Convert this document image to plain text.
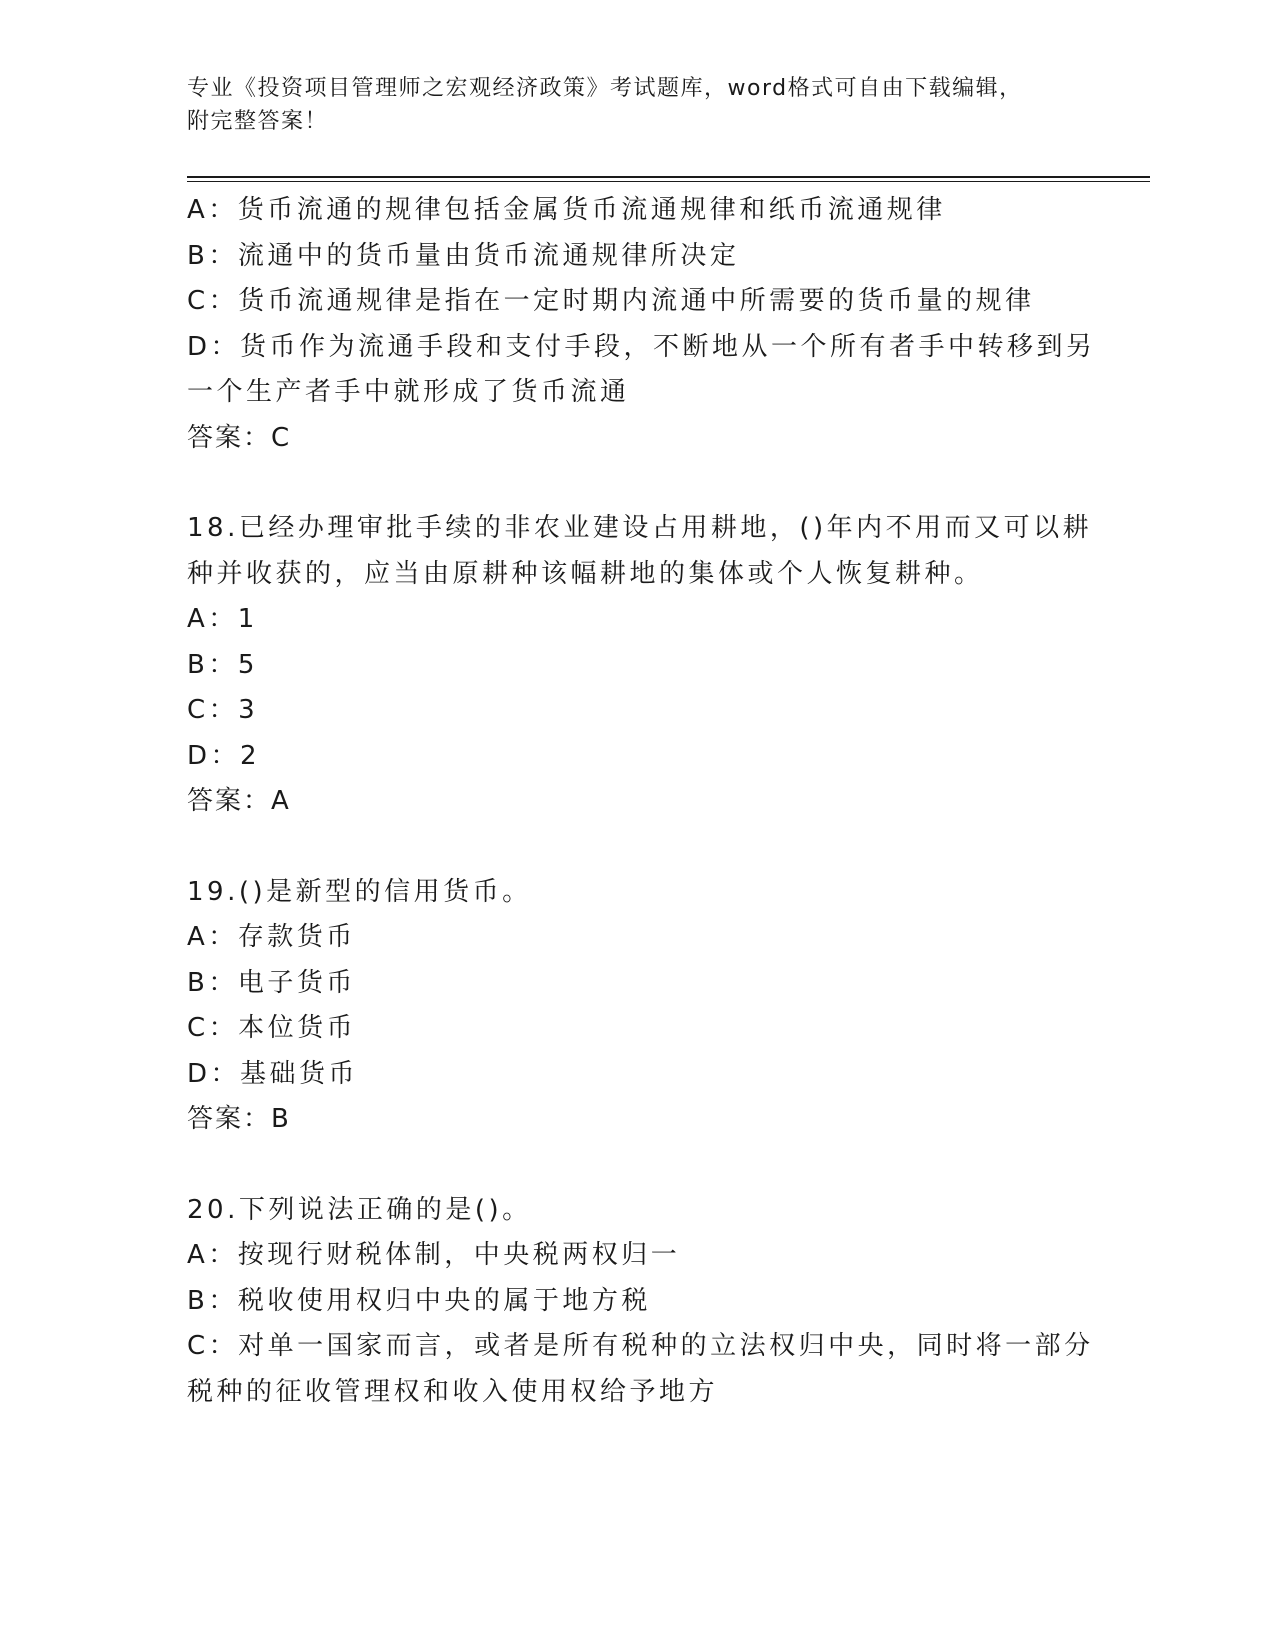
专业《投资项目管理师之宏观经济政策》考试题库，word格式可自由下载编辑，
附完整答案！

A：货币流通的规律包括金属货币流通规律和纸币流通规律

B：流通中的货币量由货币流通规律所决定

C：货币流通规律是指在一定时期内流通中所需要的货币量的规律

D：货币作为流通手段和支付手段，不断地从一个所有者手中转移到另

一个生产者手中就形成了货币流通

答案：C

18.已经办理审批手续的非农业建设占用耕地，()年内不用而又可以耕

种并收获的，应当由原耕种该幅耕地的集体或个人恢复耕种。

A：1

B：5

C：3

D：2

答案：A

19.()是新型的信用货币。

A：存款货币

B：电子货币

C：本位货币

D：基础货币

答案：B

20.下列说法正确的是()。

A：按现行财税体制，中央税两权归一

B：税收使用权归中央的属于地方税

C：对单一国家而言，或者是所有税种的立法权归中央，同时将一部分

税种的征收管理权和收入使用权给予地方
